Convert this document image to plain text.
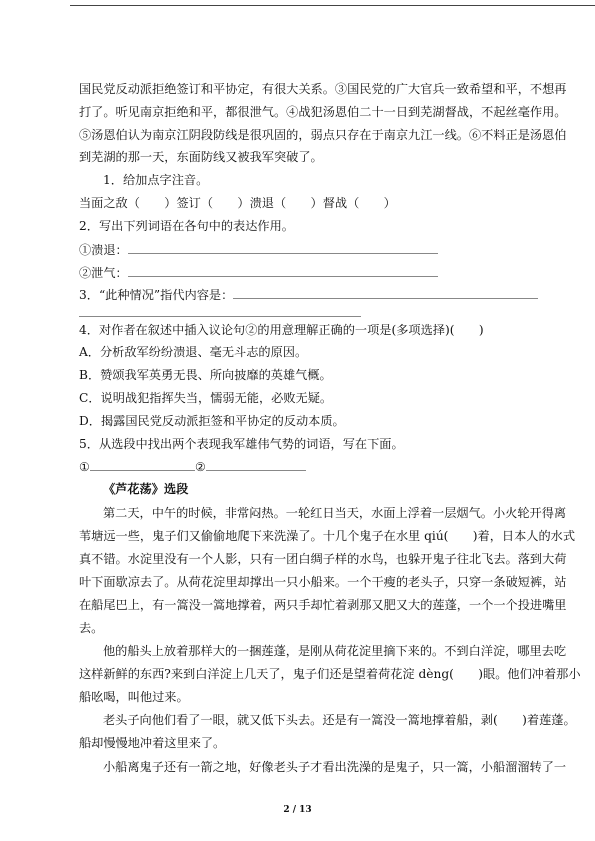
国民党反动派拒绝签订和平协定，有很大关系。③国民党的广大官兵一致希望和平，不想再
打了。听见南京拒绝和平，都很泄气。④战犯汤恩伯二十一日到芜湖督战，不起丝毫作用。
⑤汤恩伯认为南京江阴段防线是很巩固的，弱点只存在于南京九江一线。⑥不料正是汤恩伯
到芜湖的那一天，东面防线又被我军突破了。
1．给加点字注音。
当面之敌（　　）签订（　　）溃退（　　）督战（　　）
2．写出下列词语在各句中的表达作用。
①溃退：
②泄气：
3．“此种情况”指代内容是：
4．对作者在叙述中插入议论句②的用意理解正确的一项是(多项选择)(　　)
A．分析敌军纷纷溃退、毫无斗志的原因。
B．赞颂我军英勇无畏、所向披靡的英雄气概。
C．说明战犯指挥失当，懦弱无能，必败无疑。
D．揭露国民党反动派拒签和平协定的反动本质。
5．从选段中找出两个表现我军雄伟气势的词语，写在下面。
①	②
《芦花荡》选段
第二天，中午的时候，非常闷热。一轮红日当天，水面上浮着一层烟气。小火轮开得离
苇塘远一些，鬼子们又偷偷地爬下来洗澡了。十几个鬼子在水里 qiú(　　)着，日本人的水式
真不错。水淀里没有一个人影，只有一团白绸子样的水鸟，也躲开鬼子往北飞去。落到大荷
叶下面歇凉去了。从荷花淀里却撑出一只小船来。一个干瘦的老头子，只穿一条破短裤，站
在船尾巴上，有一篙没一篙地撑着，两只手却忙着剥那又肥又大的莲蓬，一个一个投进嘴里
去。
他的船头上放着那样大的一捆莲蓬，是刚从荷花淀里摘下来的。不到白洋淀，哪里去吃
这样新鲜的东西?来到白洋淀上几天了，鬼子们还是望着荷花淀 dèng(　　)眼。他们冲着那小
船吆喝，叫他过来。
老头子向他们看了一眼，就又低下头去。还是有一篙没一篙地撑着船，剥(　　)着莲蓬。
船却慢慢地冲着这里来了。
小船离鬼子还有一箭之地，好像老头子才看出洗澡的是鬼子，只一篙，小船溜溜转了一
2 / 13
